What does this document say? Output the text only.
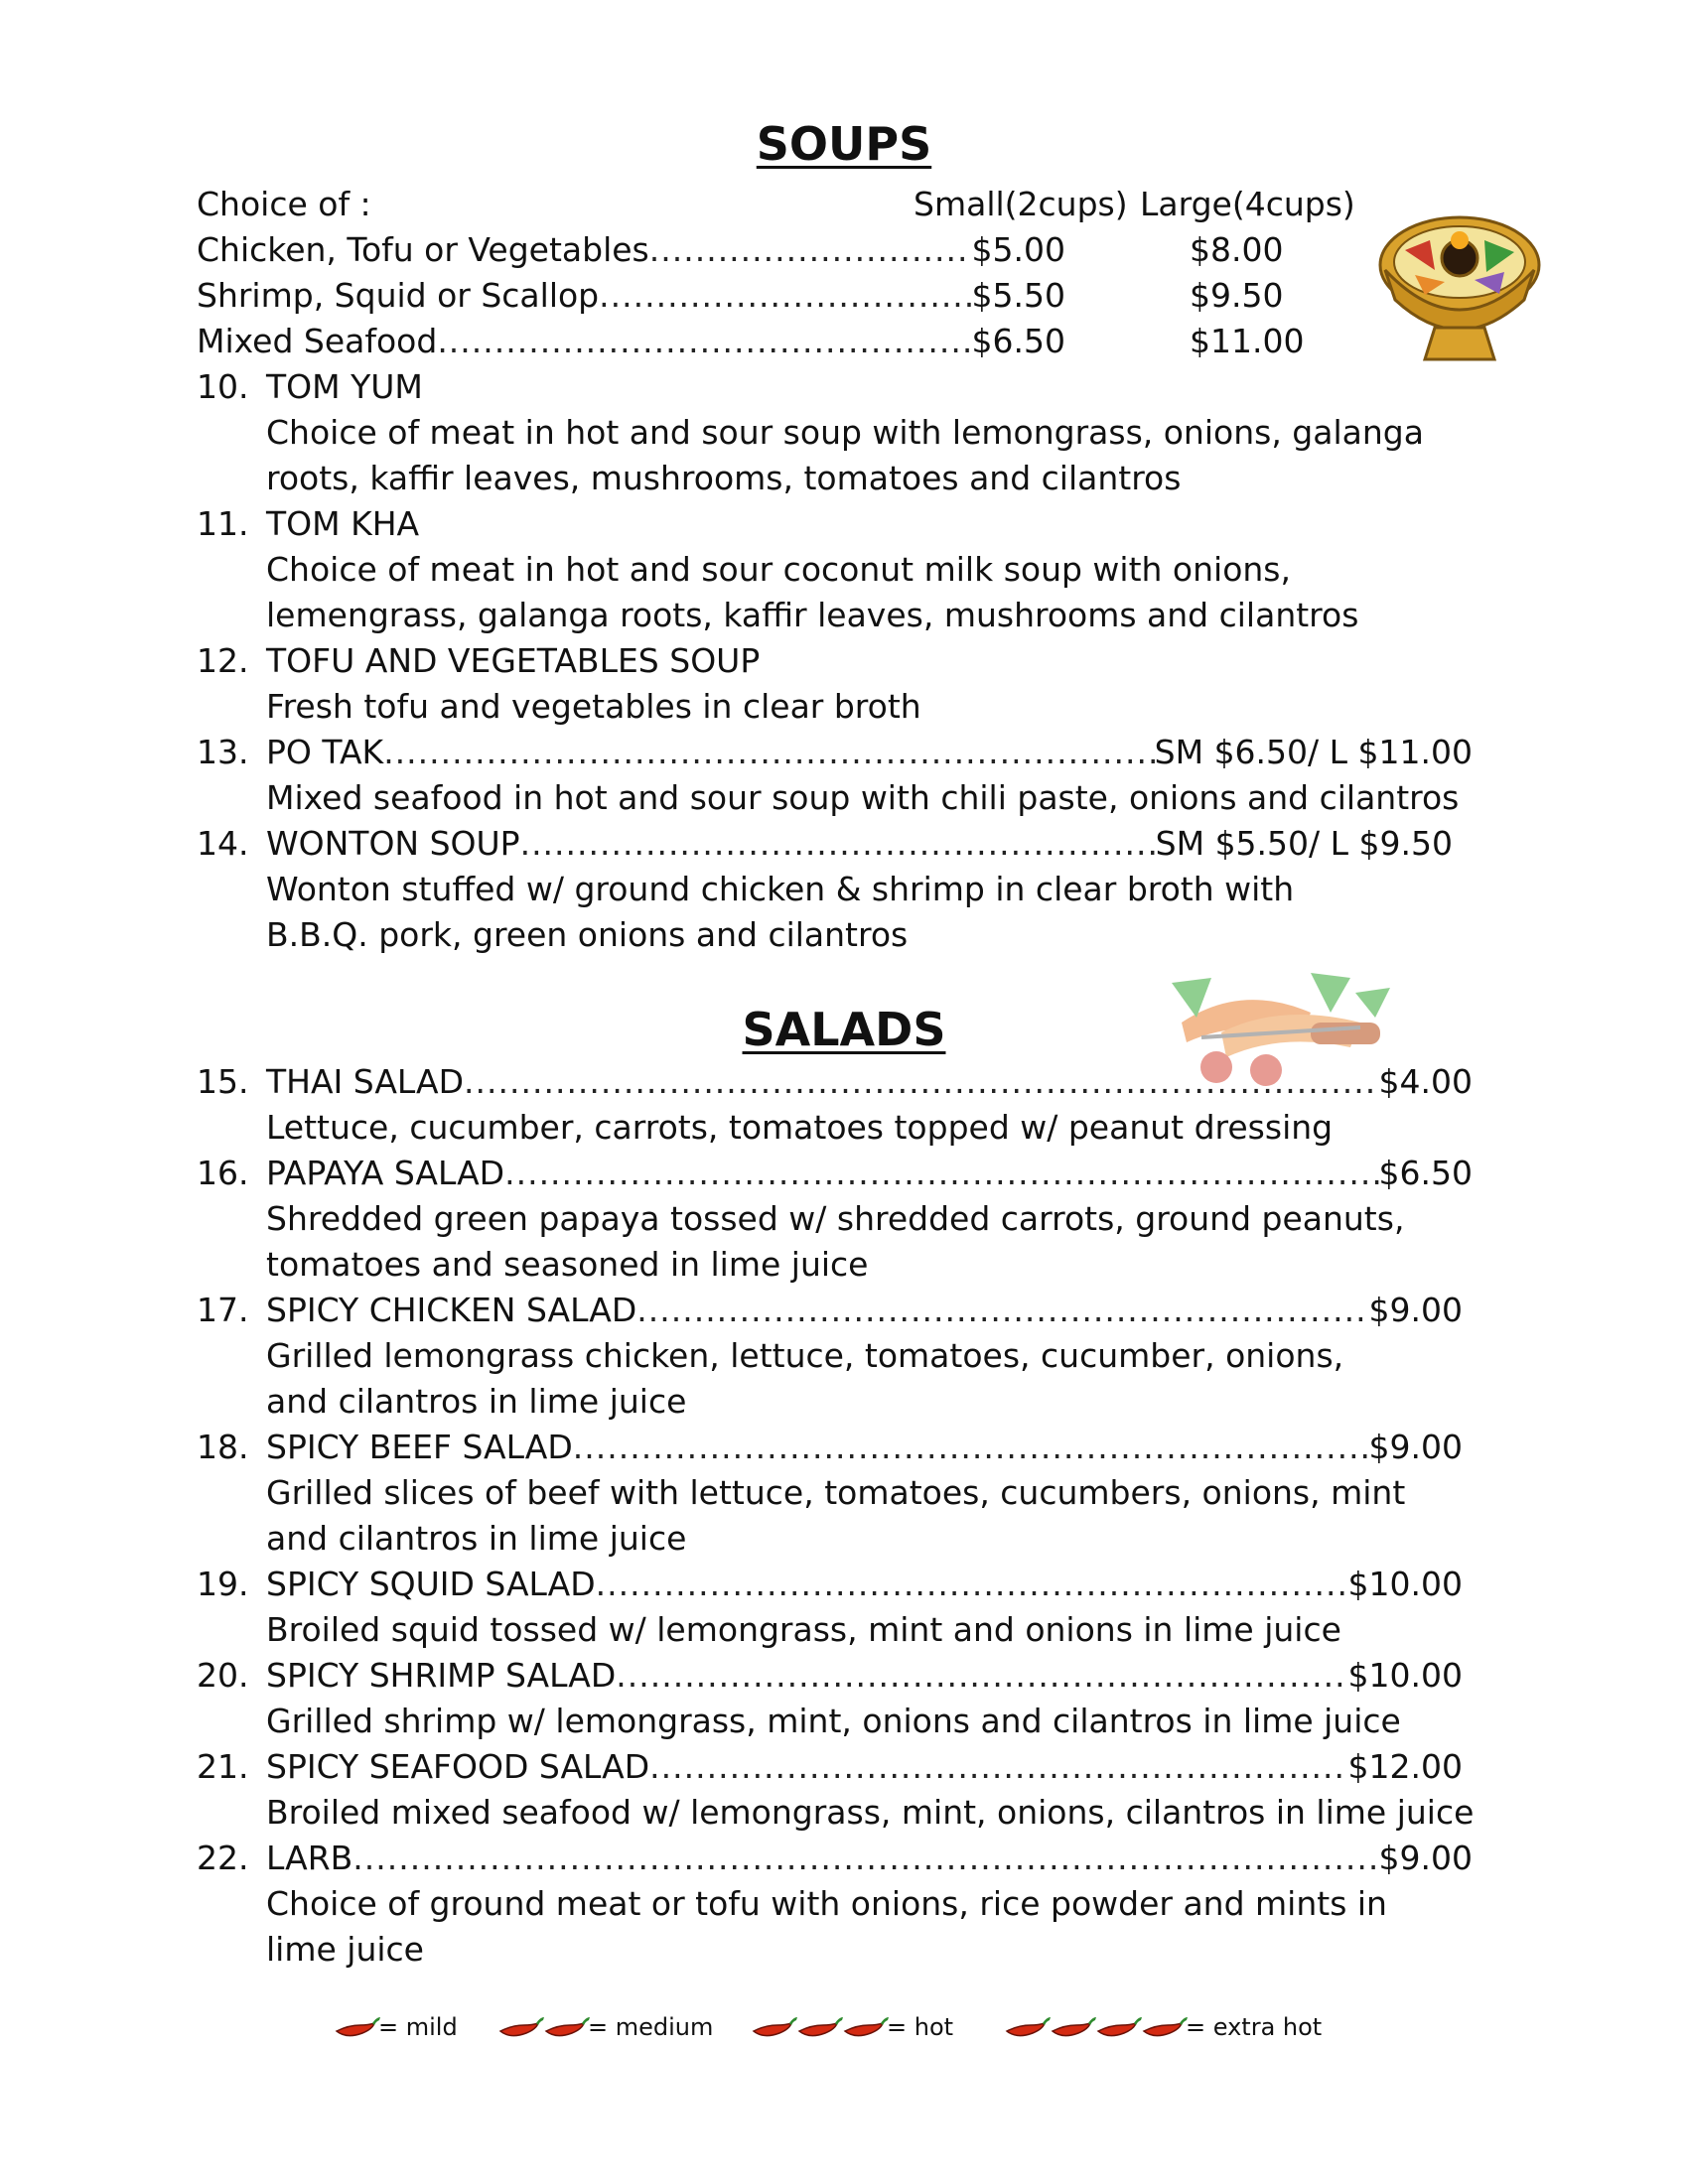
SOUPS
Choice of :	Small(2cups) Large(4cups)
Chicken, Tofu or Vegetables .....	$5.00	$8.00
Shrimp, Squid or Scallop .....	$5.50	$9.50
Mixed Seafood .....	$6.50	$11.00
10. TOM YUM
Choice of meat in hot and sour soup with lemongrass, onions, galanga
roots, kaffir leaves, mushrooms, tomatoes and cilantros
11. TOM KHA
Choice of meat in hot and sour coconut milk soup with onions,
lemengrass, galanga roots, kaffir leaves, mushrooms and cilantros
12. TOFU AND VEGETABLES SOUP
Fresh tofu and vegetables in clear broth
13. PO TAK .....	SM $6.50/ L $11.00
Mixed seafood in hot and sour soup with chili paste, onions and cilantros
14. WONTON SOUP .....	SM $5.50/ L $9.50
Wonton stuffed w/ ground chicken & shrimp in clear broth with
B.B.Q. pork, green onions and cilantros
SALADS
15. THAI SALAD .....	$4.00
Lettuce, cucumber, carrots, tomatoes topped w/ peanut dressing
16. PAPAYA SALAD .....	$6.50
Shredded green papaya tossed w/ shredded carrots, ground peanuts,
tomatoes and seasoned in lime juice
17. SPICY CHICKEN SALAD .....	$9.00
Grilled lemongrass chicken, lettuce, tomatoes, cucumber, onions,
and cilantros in lime juice
18. SPICY BEEF SALAD .....	$9.00
Grilled slices of beef with lettuce, tomatoes, cucumbers, onions, mint
and cilantros in lime juice
19. SPICY SQUID SALAD .....	$10.00
Broiled squid tossed w/ lemongrass, mint and onions in lime juice
20. SPICY SHRIMP SALAD .....	$10.00
Grilled shrimp w/ lemongrass, mint, onions and cilantros in lime juice
21. SPICY SEAFOOD SALAD .....	$12.00
Broiled mixed seafood w/ lemongrass, mint, onions, cilantros in lime juice
22. LARB .....	$9.00
Choice of ground meat or tofu with onions, rice powder and mints in
lime juice
= mild	= medium	= hot	= extra hot
